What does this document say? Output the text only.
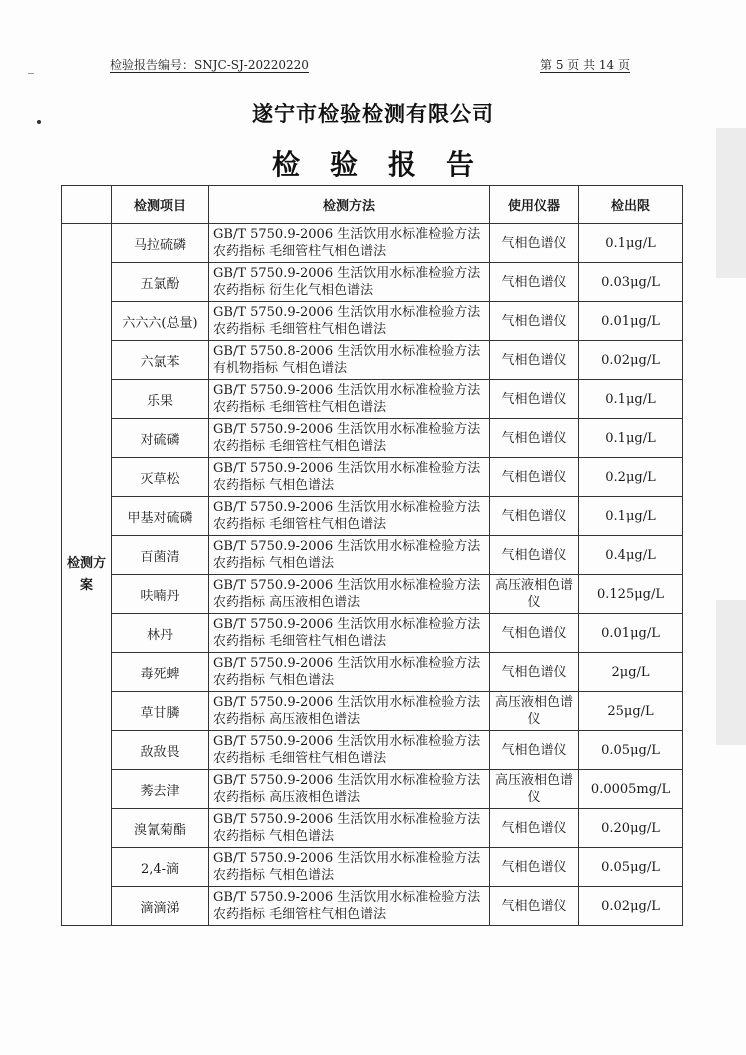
检验报告编号：SNJC-SJ-20220220	第 5 页 共 14 页
遂宁市检验检测有限公司
检验报告
	检测项目	检测方法	使用仪器	检出限
检测方案	马拉硫磷	GB/T 5750.9-2006 生活饮用水标准检验方法 农药指标 毛细管柱气相色谱法	气相色谱仪	0.1μg/L
	五氯酚	GB/T 5750.9-2006 生活饮用水标准检验方法 农药指标 衍生化气相色谱法	气相色谱仪	0.03μg/L
	六六六(总量)	GB/T 5750.9-2006 生活饮用水标准检验方法 农药指标 毛细管柱气相色谱法	气相色谱仪	0.01μg/L
	六氯苯	GB/T 5750.8-2006 生活饮用水标准检验方法 有机物指标 气相色谱法	气相色谱仪	0.02μg/L
	乐果	GB/T 5750.9-2006 生活饮用水标准检验方法 农药指标 毛细管柱气相色谱法	气相色谱仪	0.1μg/L
	对硫磷	GB/T 5750.9-2006 生活饮用水标准检验方法 农药指标 毛细管柱气相色谱法	气相色谱仪	0.1μg/L
	灭草松	GB/T 5750.9-2006 生活饮用水标准检验方法 农药指标 气相色谱法	气相色谱仪	0.2μg/L
	甲基对硫磷	GB/T 5750.9-2006 生活饮用水标准检验方法 农药指标 毛细管柱气相色谱法	气相色谱仪	0.1μg/L
	百菌清	GB/T 5750.9-2006 生活饮用水标准检验方法 农药指标 气相色谱法	气相色谱仪	0.4μg/L
	呋喃丹	GB/T 5750.9-2006 生活饮用水标准检验方法 农药指标 高压液相色谱法	高压液相色谱仪	0.125μg/L
	林丹	GB/T 5750.9-2006 生活饮用水标准检验方法 农药指标 毛细管柱气相色谱法	气相色谱仪	0.01μg/L
	毒死蜱	GB/T 5750.9-2006 生活饮用水标准检验方法 农药指标 气相色谱法	气相色谱仪	2μg/L
	草甘膦	GB/T 5750.9-2006 生活饮用水标准检验方法 农药指标 高压液相色谱法	高压液相色谱仪	25μg/L
	敌敌畏	GB/T 5750.9-2006 生活饮用水标准检验方法 农药指标 毛细管柱气相色谱法	气相色谱仪	0.05μg/L
	莠去津	GB/T 5750.9-2006 生活饮用水标准检验方法 农药指标 高压液相色谱法	高压液相色谱仪	0.0005mg/L
	溴氰菊酯	GB/T 5750.9-2006 生活饮用水标准检验方法 农药指标 气相色谱法	气相色谱仪	0.20μg/L
	2,4-滴	GB/T 5750.9-2006 生活饮用水标准检验方法 农药指标 气相色谱法	气相色谱仪	0.05μg/L
	滴滴涕	GB/T 5750.9-2006 生活饮用水标准检验方法 农药指标 毛细管柱气相色谱法	气相色谱仪	0.02μg/L
